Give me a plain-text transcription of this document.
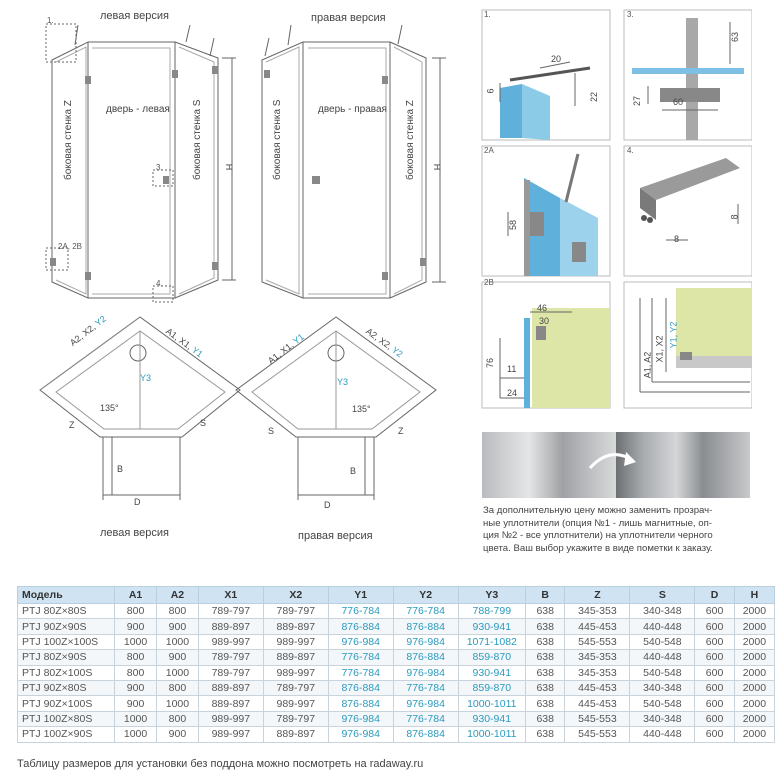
левая версия	правая версия
1.
2A, 2B
3.
4.
дверь - левая	дверь - правая
боковая стенка Z	боковая стенка S	боковая стенка S	боковая стенка Z
H	H
A2, X2, Y2
A1, X1, Y1
Y3
135°
Z	S
B
D
левая версия
A1, X1, Y1	A2, X2, Y2
Y3
135°
S	Z
B
D
правая версия
1.
20
6
22
3.
63
27	60
2A
58
4.
8
8
2B
46
30
76
11
24
A1, A2
X1, X2
Y1, Y2
За дополнительную цену можно заменить прозрач-
ные уплотнители (опция №1 - лишь магнитные, оп-
ция №2 - все уплотнители) на уплотнители черного
цвета. Ваш выбор укажите в виде пометки к заказу.
Модель	A1	A2	X1	X2	Y1	Y2	Y3	B	Z	S	D	H
PTJ 80Z×80S	800	800	789-797	789-797	776-784	776-784	788-799	638	345-353	340-348	600	2000
PTJ 90Z×90S	900	900	889-897	889-897	876-884	876-884	930-941	638	445-453	440-448	600	2000
PTJ 100Z×100S	1000	1000	989-997	989-997	976-984	976-984	1071-1082	638	545-553	540-548	600	2000
PTJ 80Z×90S	800	900	789-797	889-897	776-784	876-884	859-870	638	345-353	440-448	600	2000
PTJ 80Z×100S	800	1000	789-797	989-997	776-784	976-984	930-941	638	345-353	540-548	600	2000
PTJ 90Z×80S	900	800	889-897	789-797	876-884	776-784	859-870	638	445-453	340-348	600	2000
PTJ 90Z×100S	900	1000	889-897	989-997	876-884	976-984	1000-1011	638	445-453	540-548	600	2000
PTJ 100Z×80S	1000	800	989-997	789-797	976-984	776-784	930-941	638	545-553	340-348	600	2000
PTJ 100Z×90S	1000	900	989-997	889-897	976-984	876-884	1000-1011	638	545-553	440-448	600	2000
Таблицу размеров для установки без поддона можно посмотреть на radaway.ru
